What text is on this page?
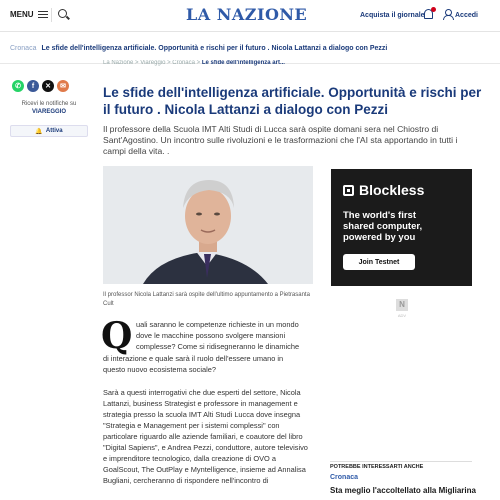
MENU	LA NAZIONE	Acquista il giornale	Accedi
Cronaca Le sfide dell'intelligenza artificiale. Opportunità e rischi per il futuro . Nicola Lattanzi a dialogo con Pezzi
La Nazione > Viareggio > Cronaca > Le sfide dell'intelligenza art...
✆	f	✕	✉
Ricevi le notifiche su
VIAREGGIO
🔔 Attiva
Le sfide dell'intelligenza artificiale. Opportunità e rischi per il futuro . Nicola Lattanzi a dialogo con Pezzi

Il professore della Scuola IMT Alti Studi di Lucca sarà ospite domani sera nel Chiostro di Sant'Agostino. Un incontro sulle rivoluzioni e le trasformazioni che l'AI sta apportando in tutti i campi della vita. .

Il professor Nicola Lattanzi sarà ospite dell'ultimo appuntamento a Pietrasanta Cult

Q uali saranno le competenze richieste in un mondo
dove le macchine possono svolgere mansioni
complesse? Come si ridisegneranno le dinamiche
di interazione e quale sarà il ruolo dell'essere umano in
questo nuovo ecosistema sociale?

Sarà a questi interrogativi che due esperti del settore, Nicola Lattanzi, business Strategist e professore in management e strategia presso la scuola IMT Alti Studi Lucca dove insegna "Strategia e Management per i sistemi complessi" con particolare riguardo alle aziende familiari, e coautore del libro "Digital Sapiens", e Andrea Pezzi, conduttore, autore televisivo e imprenditore tecnologico, dalla creazione di OVO a GoalScout, The OutPlay e Myntelligence, insieme ad Annalisa Bugliani, cercheranno di rispondere nell'incontro di

Blockless
The world's first
shared computer,
powered by you
Join Testnet
N
ADV
POTREBBE INTERESSARTI ANCHE
Cronaca
Sta meglio l'accoltellato alla Migliarina
